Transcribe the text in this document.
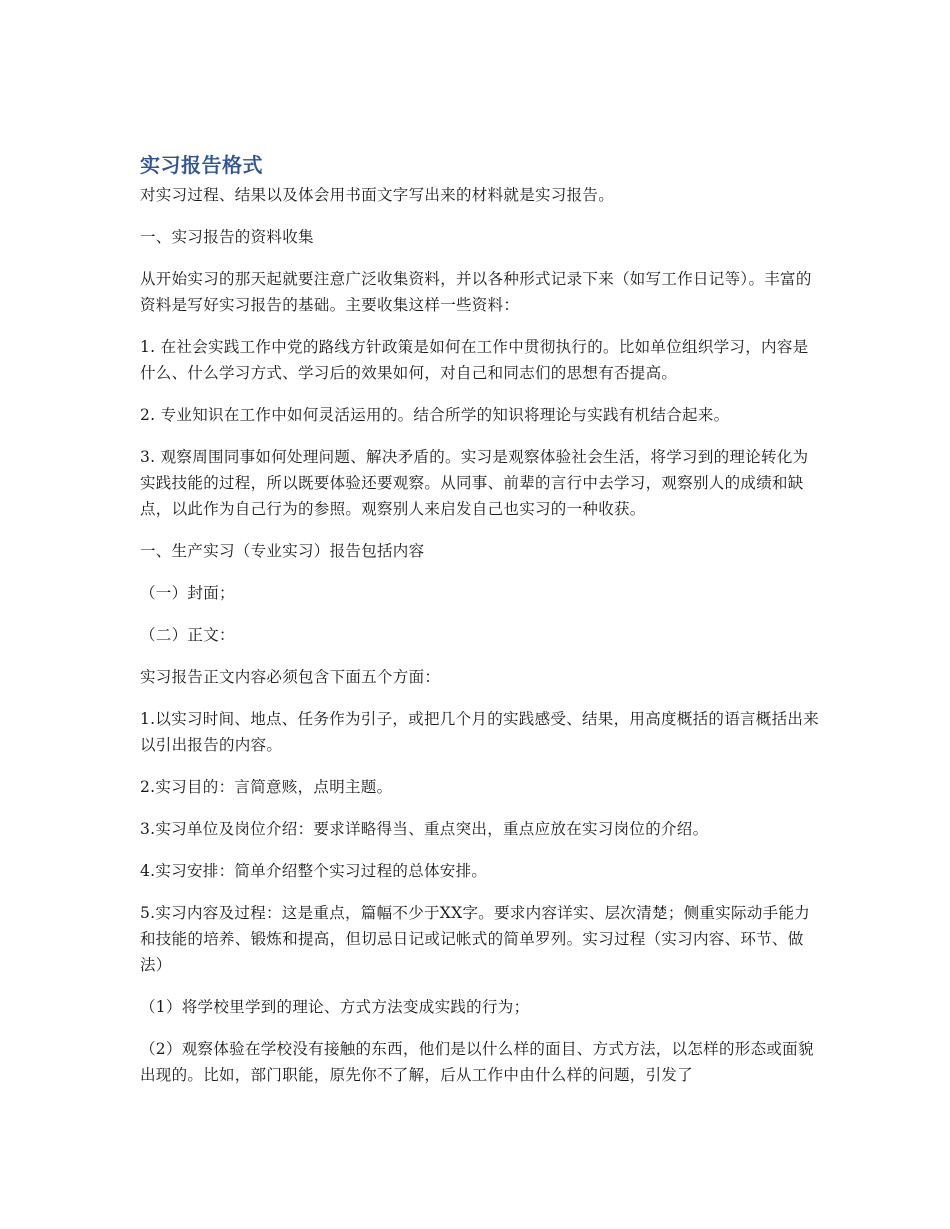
实习报告格式

对实习过程、结果以及体会用书面文字写出来的材料就是实习报告。

一、实习报告的资料收集

从开始实习的那天起就要注意广泛收集资料，并以各种形式记录下来（如写工作日记等）。丰富的资料是写好实习报告的基础。主要收集这样一些资料：

1. 在社会实践工作中党的路线方针政策是如何在工作中贯彻执行的。比如单位组织学习，内容是什么、什么学习方式、学习后的效果如何，对自己和同志们的思想有否提高。

2. 专业知识在工作中如何灵活运用的。结合所学的知识将理论与实践有机结合起来。

3. 观察周围同事如何处理问题、解决矛盾的。实习是观察体验社会生活，将学习到的理论转化为实践技能的过程，所以既要体验还要观察。从同事、前辈的言行中去学习，观察别人的成绩和缺点，以此作为自己行为的参照。观察别人来启发自己也实习的一种收获。

一、生产实习（专业实习）报告包括内容

（一）封面；

（二）正文：

实习报告正文内容必须包含下面五个方面：

1.以实习时间、地点、任务作为引子，或把几个月的实践感受、结果，用高度概括的语言概括出来以引出报告的内容。

2.实习目的：言简意赅，点明主题。

3.实习单位及岗位介绍：要求详略得当、重点突出，重点应放在实习岗位的介绍。

4.实习安排：简单介绍整个实习过程的总体安排。

5.实习内容及过程：这是重点，篇幅不少于XX字。要求内容详实、层次清楚；侧重实际动手能力和技能的培养、锻炼和提高，但切忌日记或记帐式的简单罗列。实习过程（实习内容、环节、做法）

（1）将学校里学到的理论、方式方法变成实践的行为；

（2）观察体验在学校没有接触的东西，他们是以什么样的面目、方式方法，以怎样的形态或面貌出现的。比如，部门职能，原先你不了解，后从工作中由什么样的问题，引发了
